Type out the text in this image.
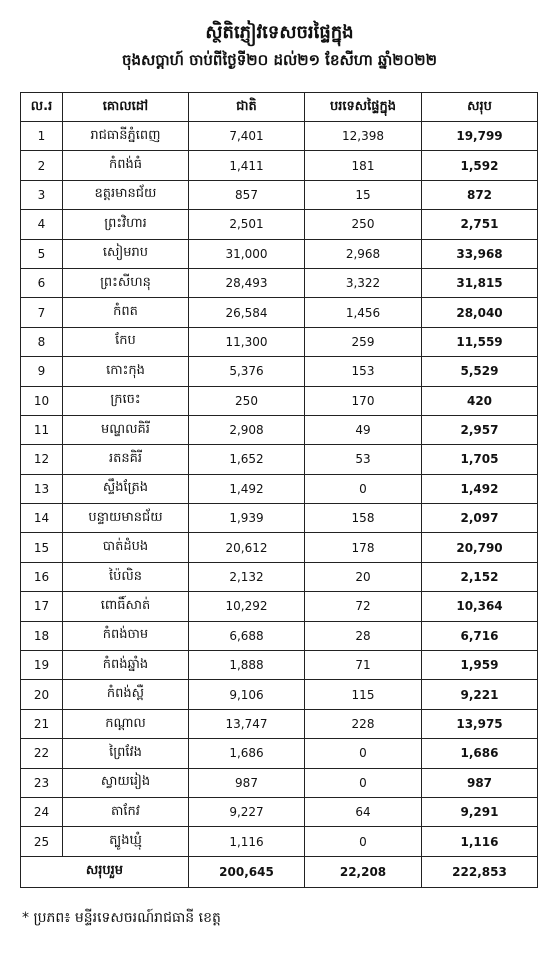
ស្ថិតិភ្ញៀវទេសចរផ្ទៃក្នុង
ចុងសប្ដាហ៍ ចាប់ពីថ្ងៃទី២០ ដល់២១ ខែសីហា ឆ្នាំ២០២២
ល.រ	គោលដៅ	ជាតិ	បរទេសផ្ទៃក្នុង	សរុប
1	រាជធានីភ្នំពេញ	7,401	12,398	19,799
2	កំពង់ធំ	1,411	181	1,592
3	ឧត្តរមានជ័យ	857	15	872
4	ព្រះវិហារ	2,501	250	2,751
5	សៀមរាប	31,000	2,968	33,968
6	ព្រះសីហនុ	28,493	3,322	31,815
7	កំពត	26,584	1,456	28,040
8	កែប	11,300	259	11,559
9	កោះកុង	5,376	153	5,529
10	ក្រចេះ	250	170	420
11	មណ្ឌលគិរី	2,908	49	2,957
12	រតនគិរី	1,652	53	1,705
13	ស្ទឹងត្រែង	1,492	0	1,492
14	បន្ទាយមានជ័យ	1,939	158	2,097
15	បាត់ដំបង	20,612	178	20,790
16	ប៉ៃលិន	2,132	20	2,152
17	ពោធិ៍សាត់	10,292	72	10,364
18	កំពង់ចាម	6,688	28	6,716
19	កំពង់ឆ្នាំង	1,888	71	1,959
20	កំពង់ស្ពឺ	9,106	115	9,221
21	កណ្ដាល	13,747	228	13,975
22	ព្រៃវែង	1,686	0	1,686
23	ស្វាយរៀង	987	0	987
24	តាកែវ	9,227	64	9,291
25	ត្បូងឃ្មុំ	1,116	0	1,116
សរុបរួម		200,645	22,208	222,853
* ប្រភព៖ មន្ទីរទេសចរណ៍រាជធានី ខេត្ត
